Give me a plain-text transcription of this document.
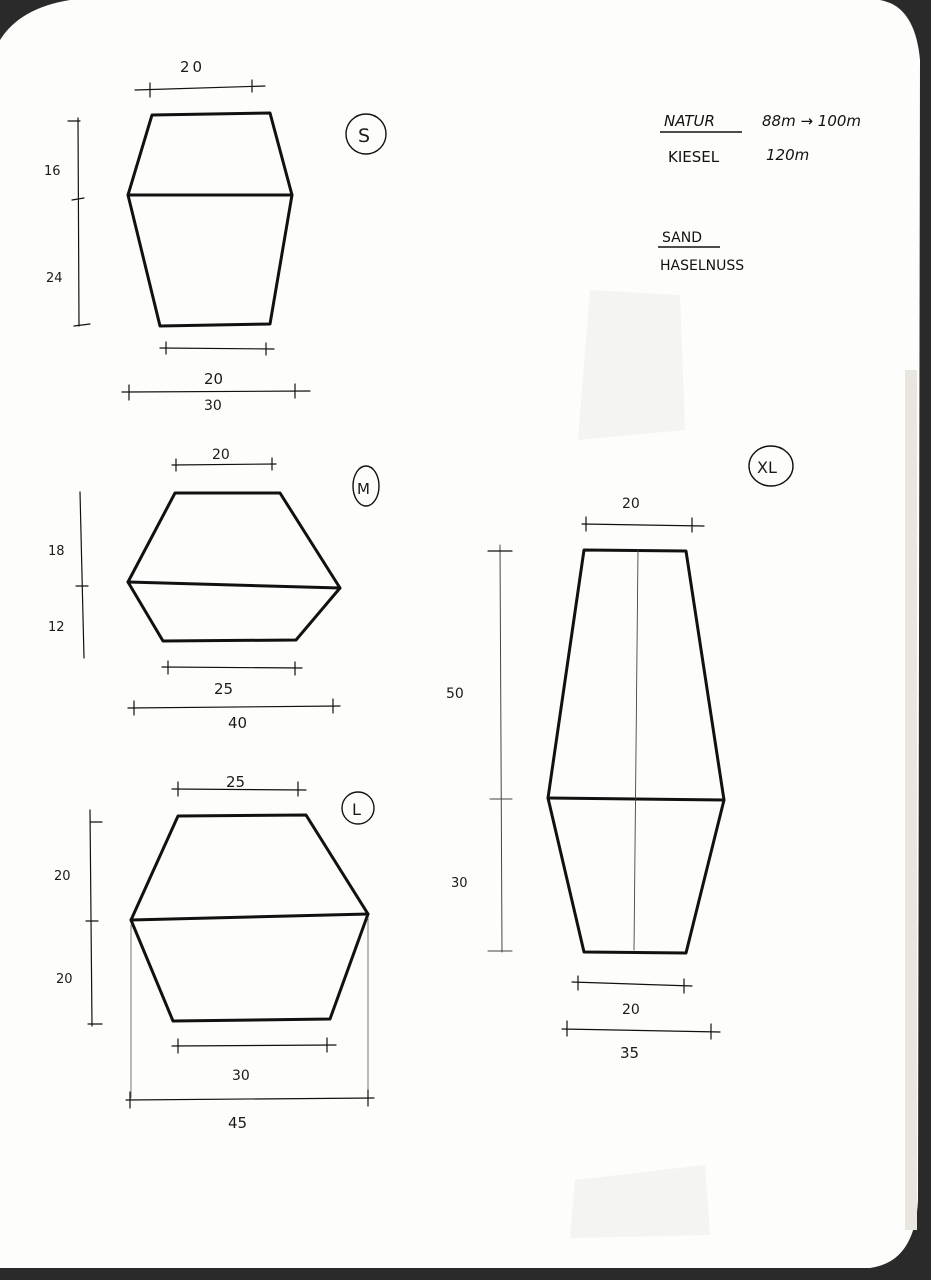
20
16
24
20
30
S
20
18
12
25
40
M
25
20
20
30
45
L
20
50
30
20
35
XL
NATUR	88m → 100m
KIESEL	120m
SAND
HASELNUSS
